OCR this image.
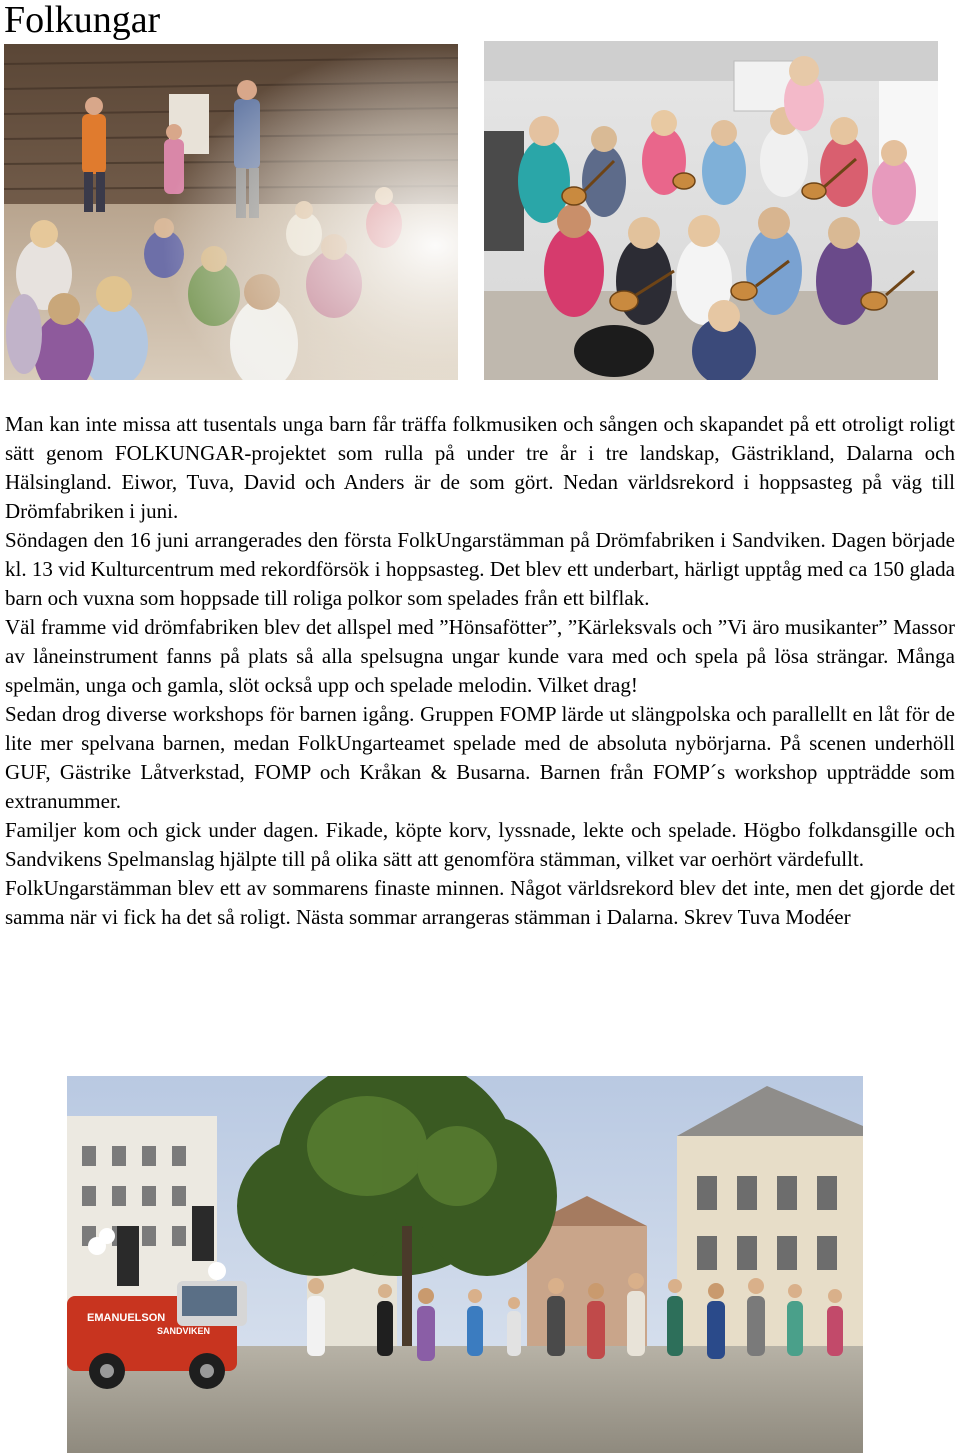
Folkungar

Man kan inte missa att tusentals unga barn får träffa folkmusiken och sången och skapandet på ett otroligt roligt sätt genom FOLKUNGAR-projektet som rulla på under tre år i tre landskap, Gästrikland, Dalarna och Hälsingland. Eiwor, Tuva, David och Anders är de som gört. Nedan världsrekord i hoppsasteg på väg till Drömfabriken i juni.

Söndagen den 16 juni arrangerades den första FolkUngarstämman på Drömfabriken i Sandviken. Dagen började kl. 13 vid Kulturcentrum med rekordförsök i hoppsasteg. Det blev ett underbart, härligt upptåg med ca 150 glada barn och vuxna som hoppsade till roliga polkor som spelades från ett bilflak.

Väl framme vid drömfabriken blev det allspel med ”Hönsafötter”, ”Kärleksvals och ”Vi äro musikanter” Massor av låneinstrument fanns på plats så alla spelsugna ungar kunde vara med och spela på lösa strängar. Många spelmän, unga och gamla, slöt också upp och spelade melodin. Vilket drag!

Sedan drog diverse workshops för barnen igång. Gruppen FOMP lärde ut slängpolska och parallellt en låt för de lite mer spelvana barnen, medan FolkUngarteamet spelade med de absoluta nybörjarna. På scenen underhöll GUF, Gästrike Låtverkstad, FOMP och Kråkan & Busarna. Barnen från FOMP´s workshop uppträdde som extranummer.

Familjer kom och gick under dagen. Fikade, köpte korv, lyssnade, lekte och spelade. Högbo folkdansgille och Sandvikens Spelmanslag hjälpte till på olika sätt att genomföra stämman, vilket var oerhört värdefullt.

FolkUngarstämman blev ett av sommarens finaste minnen. Något världsrekord blev det inte, men det gjorde det samma när vi fick ha det så roligt. Nästa sommar arrangeras stämman i Dalarna. Skrev Tuva Modéer

EMANUELSON
SANDVIKEN
